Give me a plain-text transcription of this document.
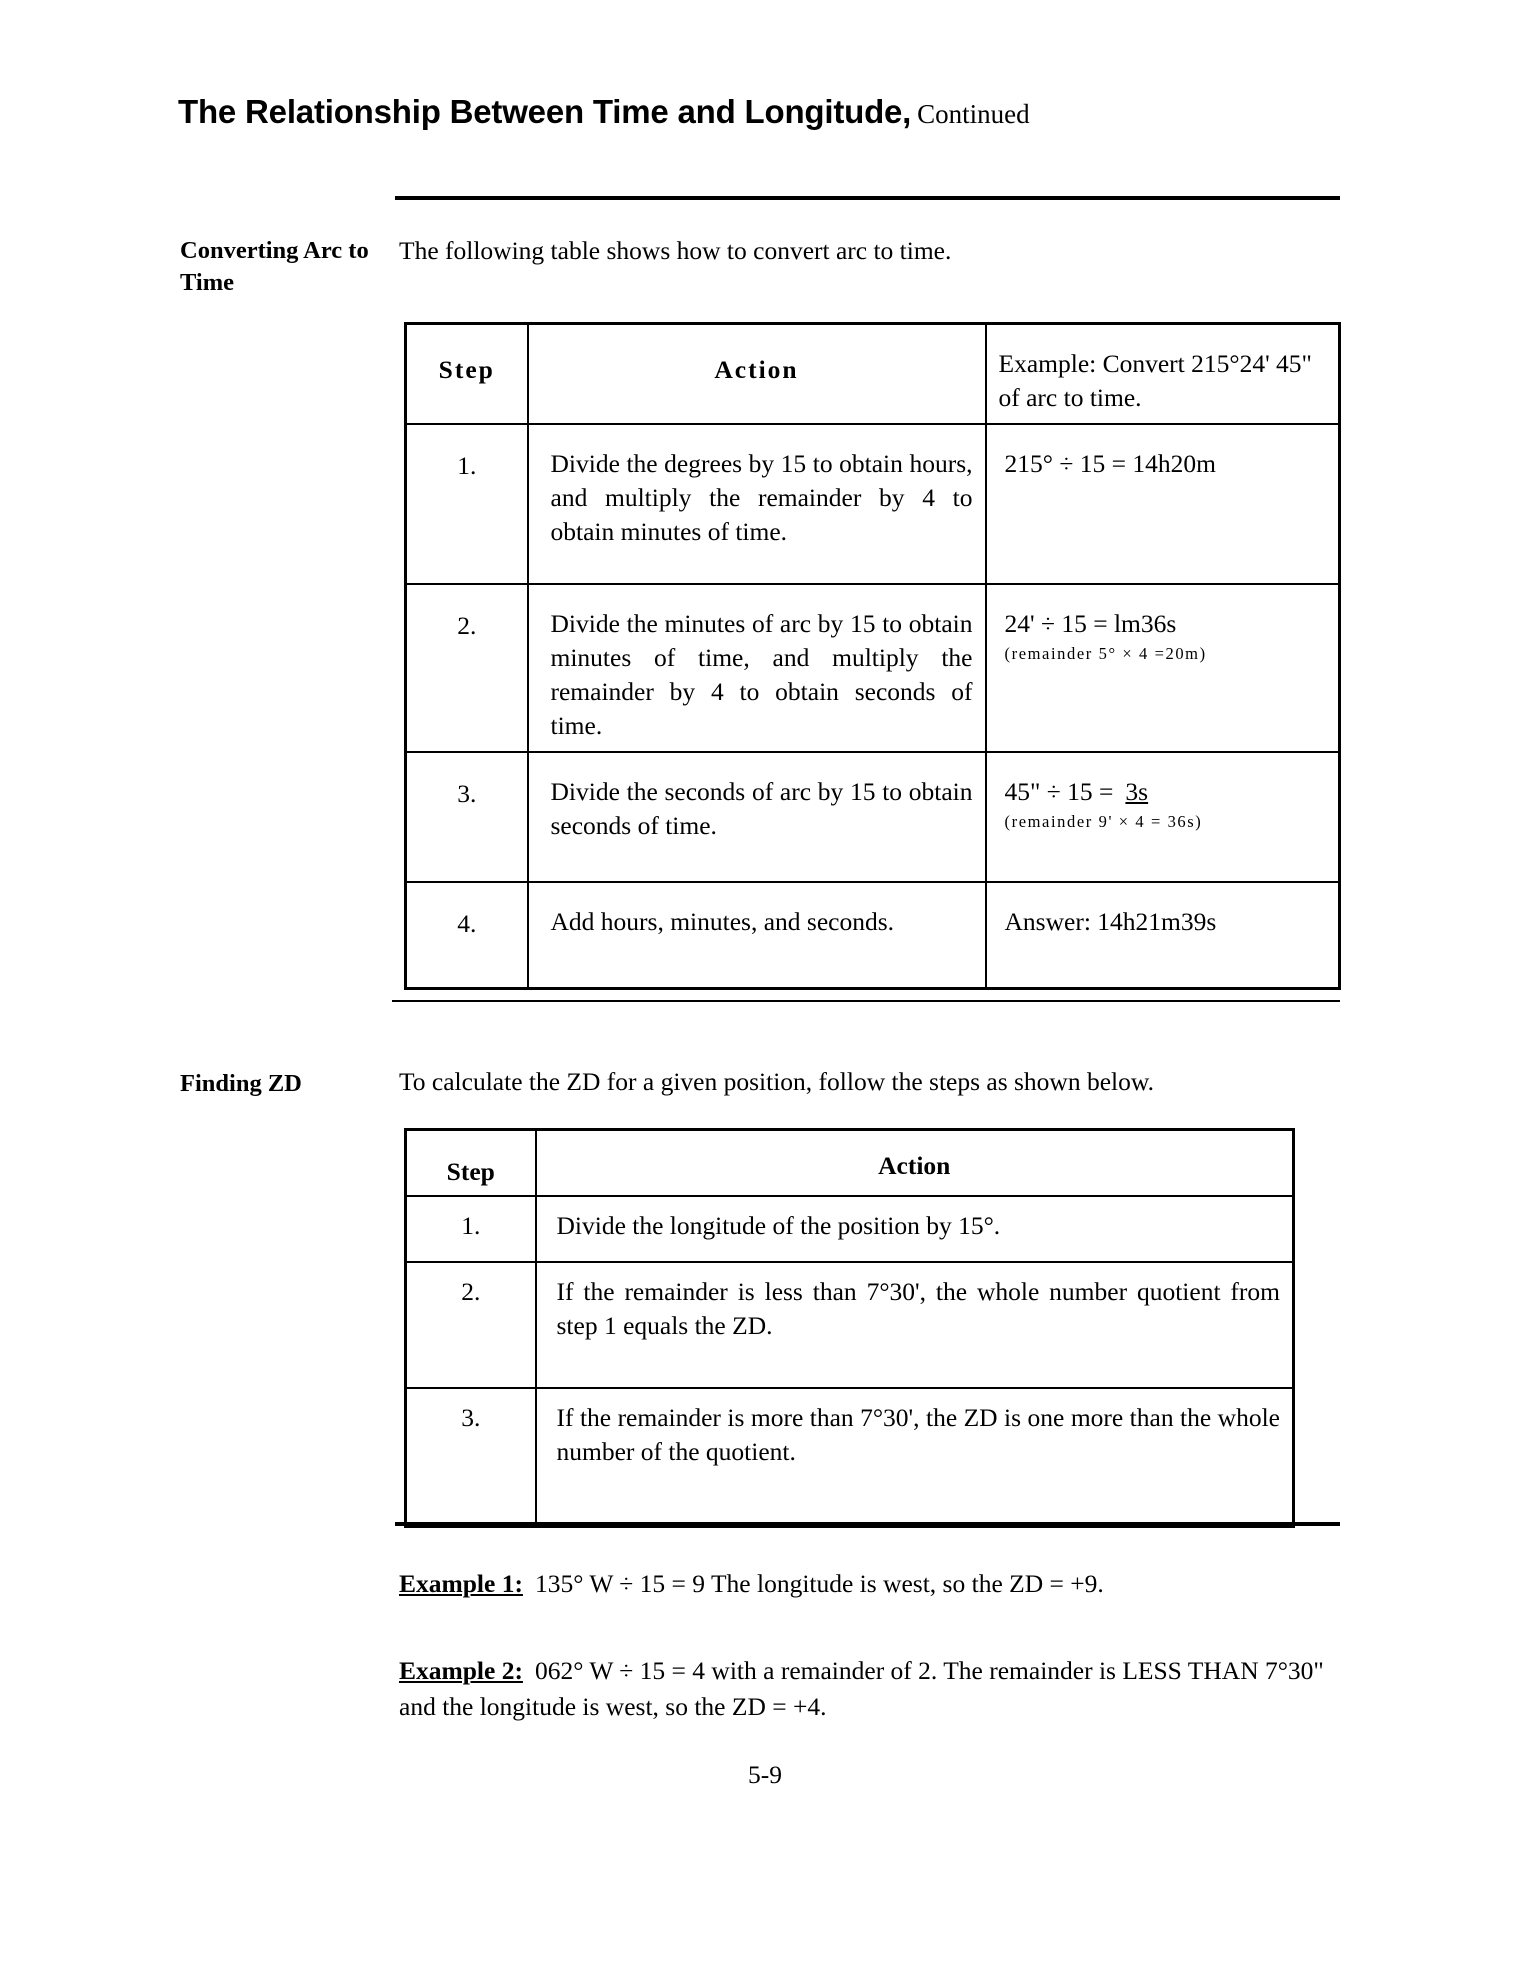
The Relationship Between Time and Longitude, Continued
Converting Arc to Time
The following table shows how to convert arc to time.
Step	Action	Example: Convert 215°24' 45" of arc to time.
1.	Divide the degrees by 15 to obtain hours, and multiply the remainder by 4 to obtain minutes of time.	215° ÷ 15 = 14h20m
2.	Divide the minutes of arc by 15 to obtain minutes of time, and multiply the remainder by 4 to obtain seconds of time.	24' ÷ 15 = lm36s
(remainder 5° × 4 =20m)

3.	Divide the seconds of arc by 15 to obtain seconds of time.	45" ÷ 15 = 3s
(remainder 9' × 4 = 36s)

4.	Add hours, minutes, and seconds.	Answer: 14h21m39s
Finding ZD	To calculate the ZD for a given position, follow the steps as shown below.
Step	Action
1.	Divide the longitude of the position by 15°.
2.	If the remainder is less than 7°30', the whole number quotient from step 1 equals the ZD.
3.	If the remainder is more than 7°30', the ZD is one more than the whole number of the quotient.
Example 1: 135° W ÷ 15 = 9 The longitude is west, so the ZD = +9.
Example 2: 062° W ÷ 15 = 4 with a remainder of 2. The remainder is LESS THAN 7°30" and the longitude is west, so the ZD = +4.
5-9
